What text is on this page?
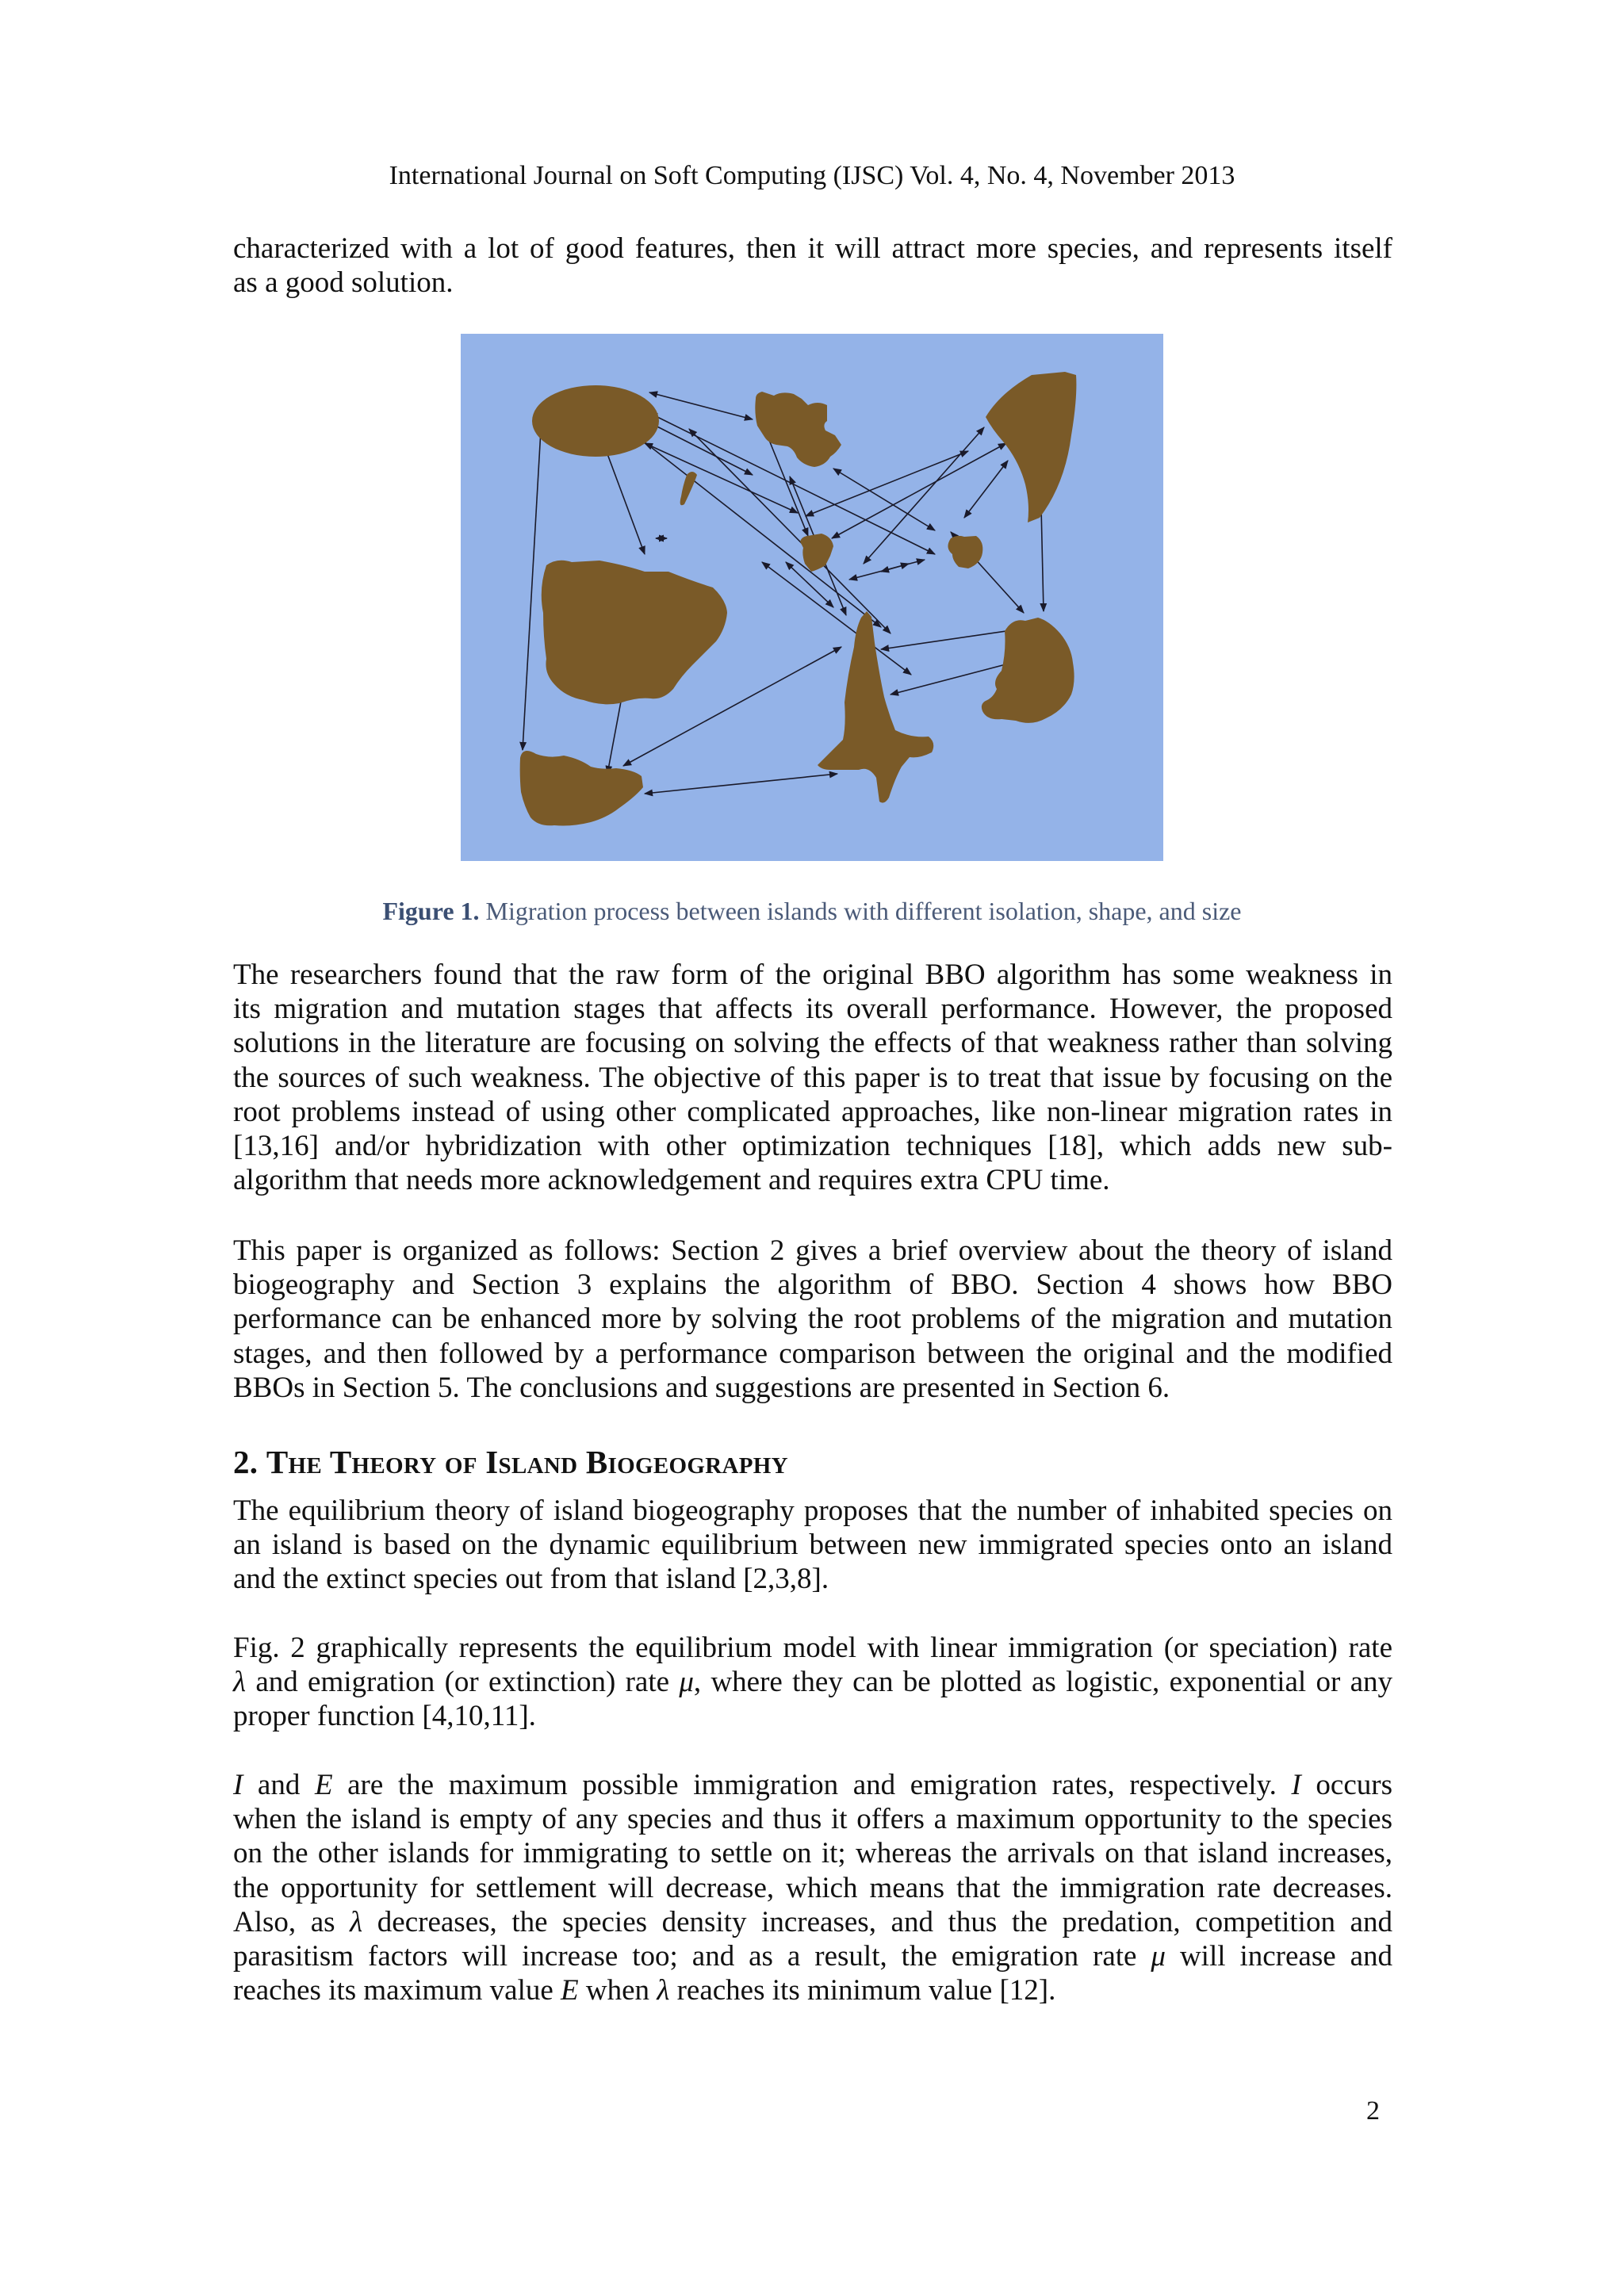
International Journal on Soft Computing (IJSC) Vol. 4, No. 4, November 2013

characterized with a lot of good features, then it will attract more species, and represents itself
as a good solution.

Figure 1. Migration process between islands with different isolation, shape, and size

The researchers found that the raw form of the original BBO algorithm has some weakness in
its migration and mutation stages that affects its overall performance. However, the proposed
solutions in the literature are focusing on solving the effects of that weakness rather than solving
the sources of such weakness. The objective of this paper is to treat that issue by focusing on the
root problems instead of using other complicated approaches, like non-linear migration rates in
[13,16] and/or hybridization with other optimization techniques [18], which adds new sub-
algorithm that needs more acknowledgement and requires extra CPU time.

This paper is organized as follows: Section 2 gives a brief overview about the theory of island
biogeography and Section 3 explains the algorithm of BBO. Section 4 shows how BBO
performance can be enhanced more by solving the root problems of the migration and mutation
stages, and then followed by a performance comparison between the original and the modified
BBOs in Section 5. The conclusions and suggestions are presented in Section 6.

2. The Theory of Island Biogeography

The equilibrium theory of island biogeography proposes that the number of inhabited species on
an island is based on the dynamic equilibrium between new immigrated species onto an island
and the extinct species out from that island [2,3,8].

Fig. 2 graphically represents the equilibrium model with linear immigration (or speciation) rate
λ and emigration (or extinction) rate μ, where they can be plotted as logistic, exponential or any
proper function [4,10,11].

I and E are the maximum possible immigration and emigration rates, respectively. I occurs
when the island is empty of any species and thus it offers a maximum opportunity to the species
on the other islands for immigrating to settle on it; whereas the arrivals on that island increases,
the opportunity for settlement will decrease, which means that the immigration rate decreases.
Also, as λ decreases, the species density increases, and thus the predation, competition and
parasitism factors will increase too; and as a result, the emigration rate μ will increase and
reaches its maximum value E when λ reaches its minimum value [12].

2
